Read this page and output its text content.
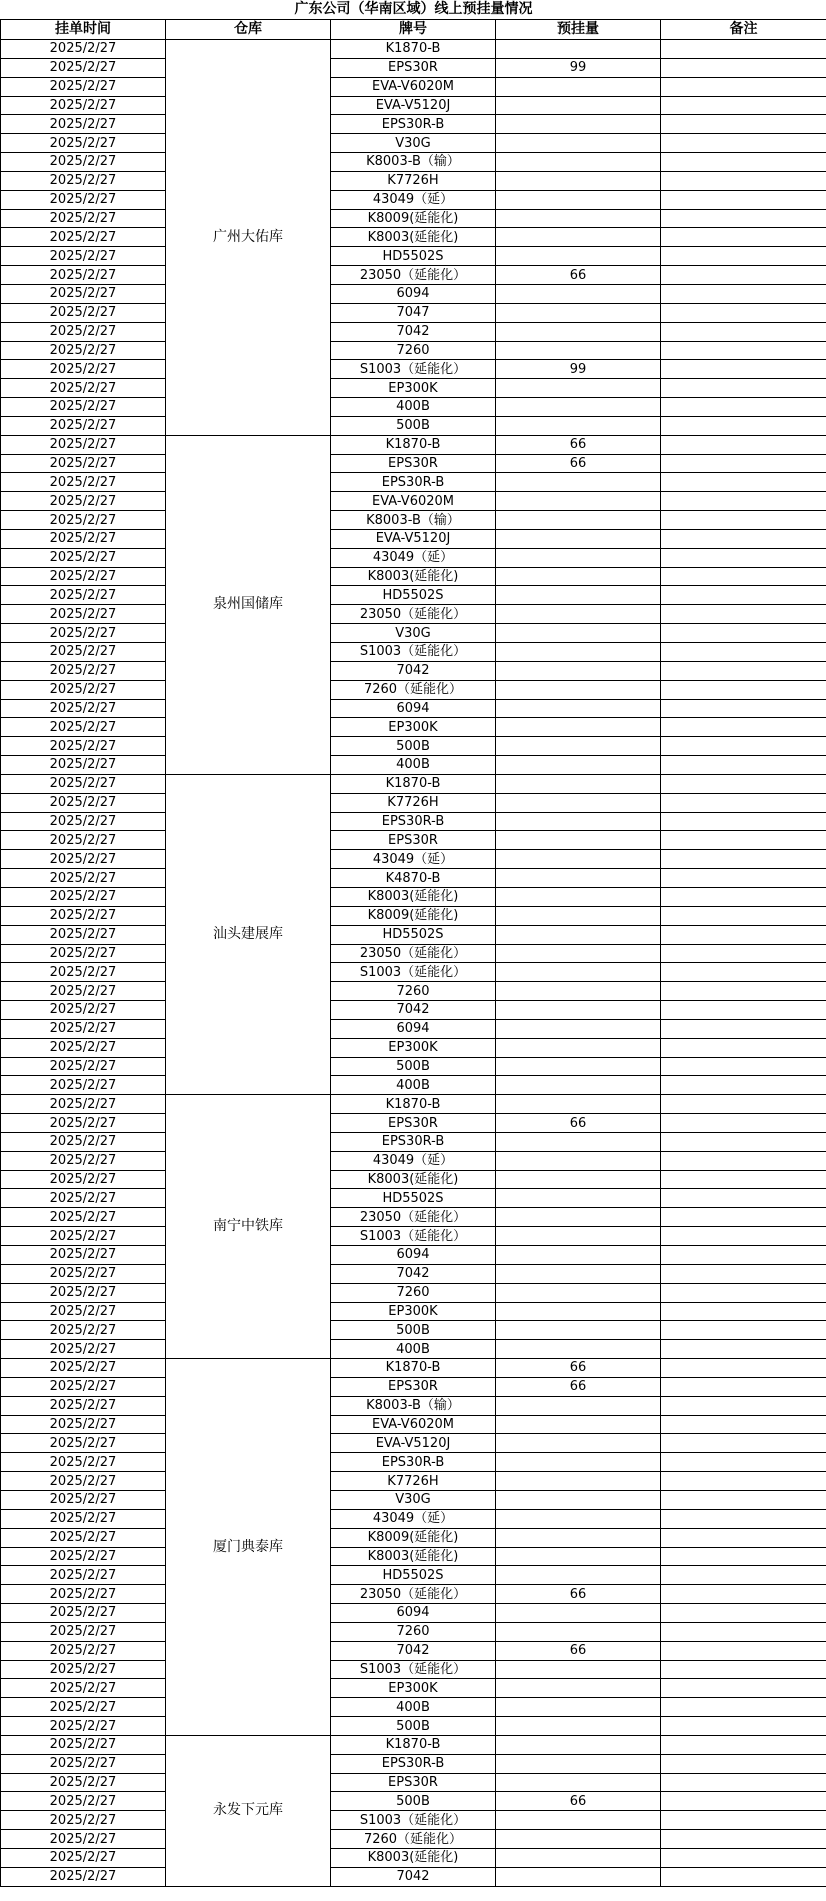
广东公司（华南区域）线上预挂量情况				
挂单时间	仓库	牌号	预挂量	备注
2025/2/27	广州大佑库	K1870-B		
2025/2/27		EPS30R	99	
2025/2/27		EVA-V6020M		
2025/2/27		EVA-V5120J		
2025/2/27		EPS30R-B		
2025/2/27		V30G		
2025/2/27		K8003-B（输）		
2025/2/27		K7726H		
2025/2/27		43049（延）		
2025/2/27		K8009(延能化)		
2025/2/27		K8003(延能化)		
2025/2/27		HD5502S		
2025/2/27		23050（延能化）	66	
2025/2/27		6094		
2025/2/27		7047		
2025/2/27		7042		
2025/2/27		7260		
2025/2/27		S1003（延能化）	99	
2025/2/27		EP300K		
2025/2/27		400B		
2025/2/27		500B		
2025/2/27	泉州国储库	K1870-B	66	
2025/2/27		EPS30R	66	
2025/2/27		EPS30R-B		
2025/2/27		EVA-V6020M		
2025/2/27		K8003-B（输）		
2025/2/27		EVA-V5120J		
2025/2/27		43049（延）		
2025/2/27		K8003(延能化)		
2025/2/27		HD5502S		
2025/2/27		23050（延能化）		
2025/2/27		V30G		
2025/2/27		S1003（延能化）		
2025/2/27		7042		
2025/2/27		7260（延能化）		
2025/2/27		6094		
2025/2/27		EP300K		
2025/2/27		500B		
2025/2/27		400B		
2025/2/27	汕头建展库	K1870-B		
2025/2/27		K7726H		
2025/2/27		EPS30R-B		
2025/2/27		EPS30R		
2025/2/27		43049（延）		
2025/2/27		K4870-B		
2025/2/27		K8003(延能化)		
2025/2/27		K8009(延能化)		
2025/2/27		HD5502S		
2025/2/27		23050（延能化）		
2025/2/27		S1003（延能化）		
2025/2/27		7260		
2025/2/27		7042		
2025/2/27		6094		
2025/2/27		EP300K		
2025/2/27		500B		
2025/2/27		400B		
2025/2/27	南宁中铁库	K1870-B		
2025/2/27		EPS30R	66	
2025/2/27		EPS30R-B		
2025/2/27		43049（延）		
2025/2/27		K8003(延能化)		
2025/2/27		HD5502S		
2025/2/27		23050（延能化）		
2025/2/27		S1003（延能化）		
2025/2/27		6094		
2025/2/27		7042		
2025/2/27		7260		
2025/2/27		EP300K		
2025/2/27		500B		
2025/2/27		400B		
2025/2/27	厦门典泰库	K1870-B	66	
2025/2/27		EPS30R	66	
2025/2/27		K8003-B（输）		
2025/2/27		EVA-V6020M		
2025/2/27		EVA-V5120J		
2025/2/27		EPS30R-B		
2025/2/27		K7726H		
2025/2/27		V30G		
2025/2/27		43049（延）		
2025/2/27		K8009(延能化)		
2025/2/27		K8003(延能化)		
2025/2/27		HD5502S		
2025/2/27		23050（延能化）	66	
2025/2/27		6094		
2025/2/27		7260		
2025/2/27		7042	66	
2025/2/27		S1003（延能化）		
2025/2/27		EP300K		
2025/2/27		400B		
2025/2/27		500B		
2025/2/27	永发下元库	K1870-B		
2025/2/27		EPS30R-B		
2025/2/27		EPS30R		
2025/2/27		500B	66	
2025/2/27		S1003（延能化）		
2025/2/27		7260（延能化）		
2025/2/27		K8003(延能化)		
2025/2/27		7042		
